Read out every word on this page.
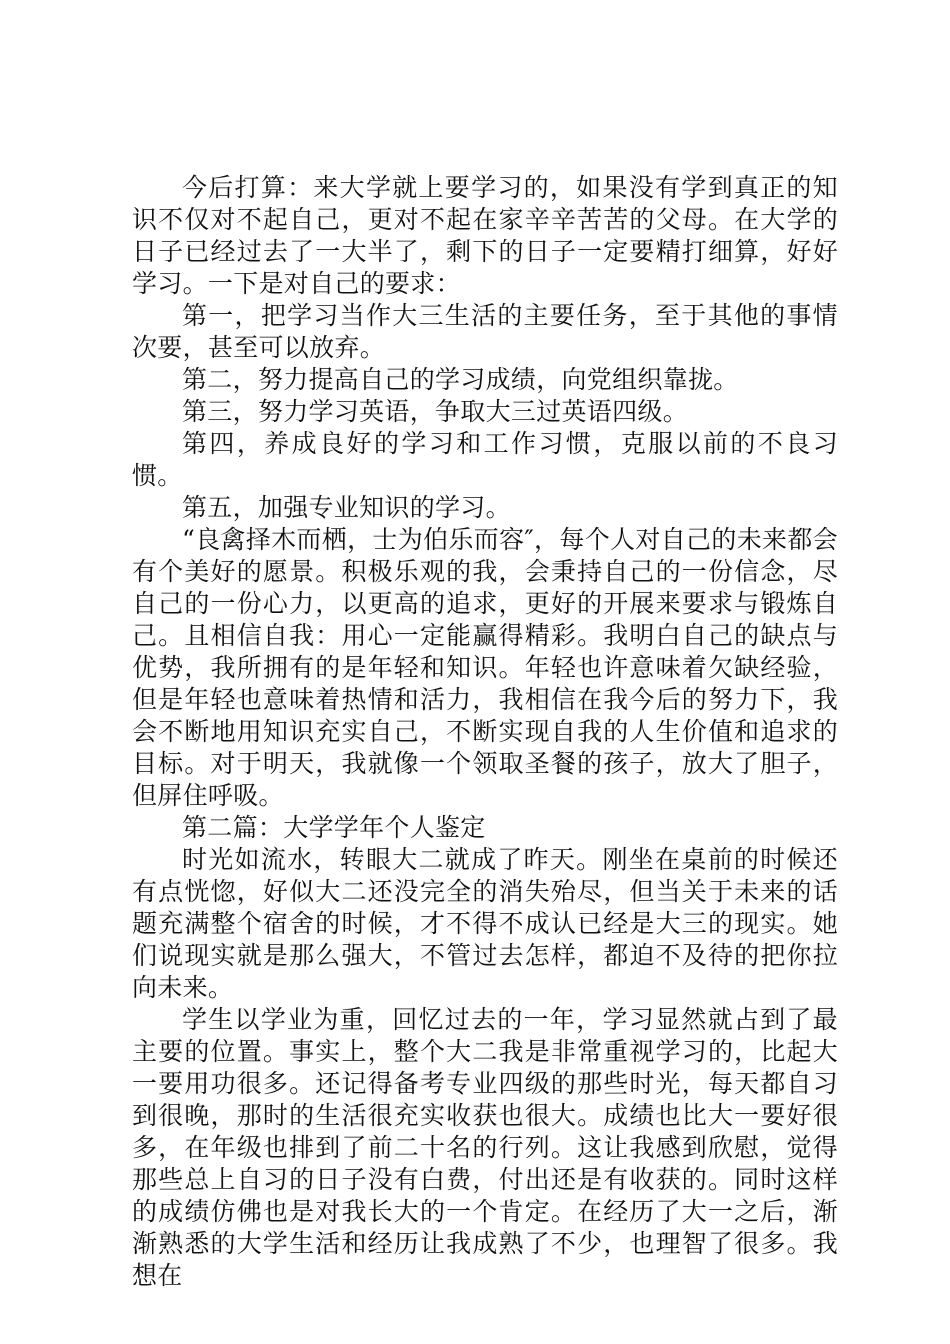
今后打算：来大学就上要学习的，如果没有学到真正的知识不仅对不起自己，更对不起在家辛辛苦苦的父母。在大学的日子已经过去了一大半了，剩下的日子一定要精打细算，好好学习。一下是对自己的要求：

第一，把学习当作大三生活的主要任务，至于其他的事情次要，甚至可以放弃。

第二，努力提高自己的学习成绩，向党组织靠拢。

第三，努力学习英语，争取大三过英语四级。

第四，养成良好的学习和工作习惯，克服以前的不良习惯。

第五，加强专业知识的学习。

“良禽择木而栖，士为伯乐而容″，每个人对自己的未来都会有个美好的愿景。积极乐观的我，会秉持自己的一份信念，尽自己的一份心力，以更高的追求，更好的开展来要求与锻炼自己。且相信自我：用心一定能赢得精彩。我明白自己的缺点与优势，我所拥有的是年轻和知识。年轻也许意味着欠缺经验，但是年轻也意味着热情和活力，我相信在我今后的努力下，我会不断地用知识充实自己，不断实现自我的人生价值和追求的目标。对于明天，我就像一个领取圣餐的孩子，放大了胆子，但屏住呼吸。

第二篇：大学学年个人鉴定

时光如流水，转眼大二就成了昨天。刚坐在桌前的时候还有点恍惚，好似大二还没完全的消失殆尽，但当关于未来的话题充满整个宿舍的时候，才不得不成认已经是大三的现实。她们说现实就是那么强大，不管过去怎样，都迫不及待的把你拉向未来。

学生以学业为重，回忆过去的一年，学习显然就占到了最主要的位置。事实上，整个大二我是非常重视学习的，比起大一要用功很多。还记得备考专业四级的那些时光，每天都自习到很晚，那时的生活很充实收获也很大。成绩也比大一要好很多，在年级也排到了前二十名的行列。这让我感到欣慰，觉得那些总上自习的日子没有白费，付出还是有收获的。同时这样的成绩仿佛也是对我长大的一个肯定。在经历了大一之后，渐渐熟悉的大学生活和经历让我成熟了不少，也理智了很多。我想在
